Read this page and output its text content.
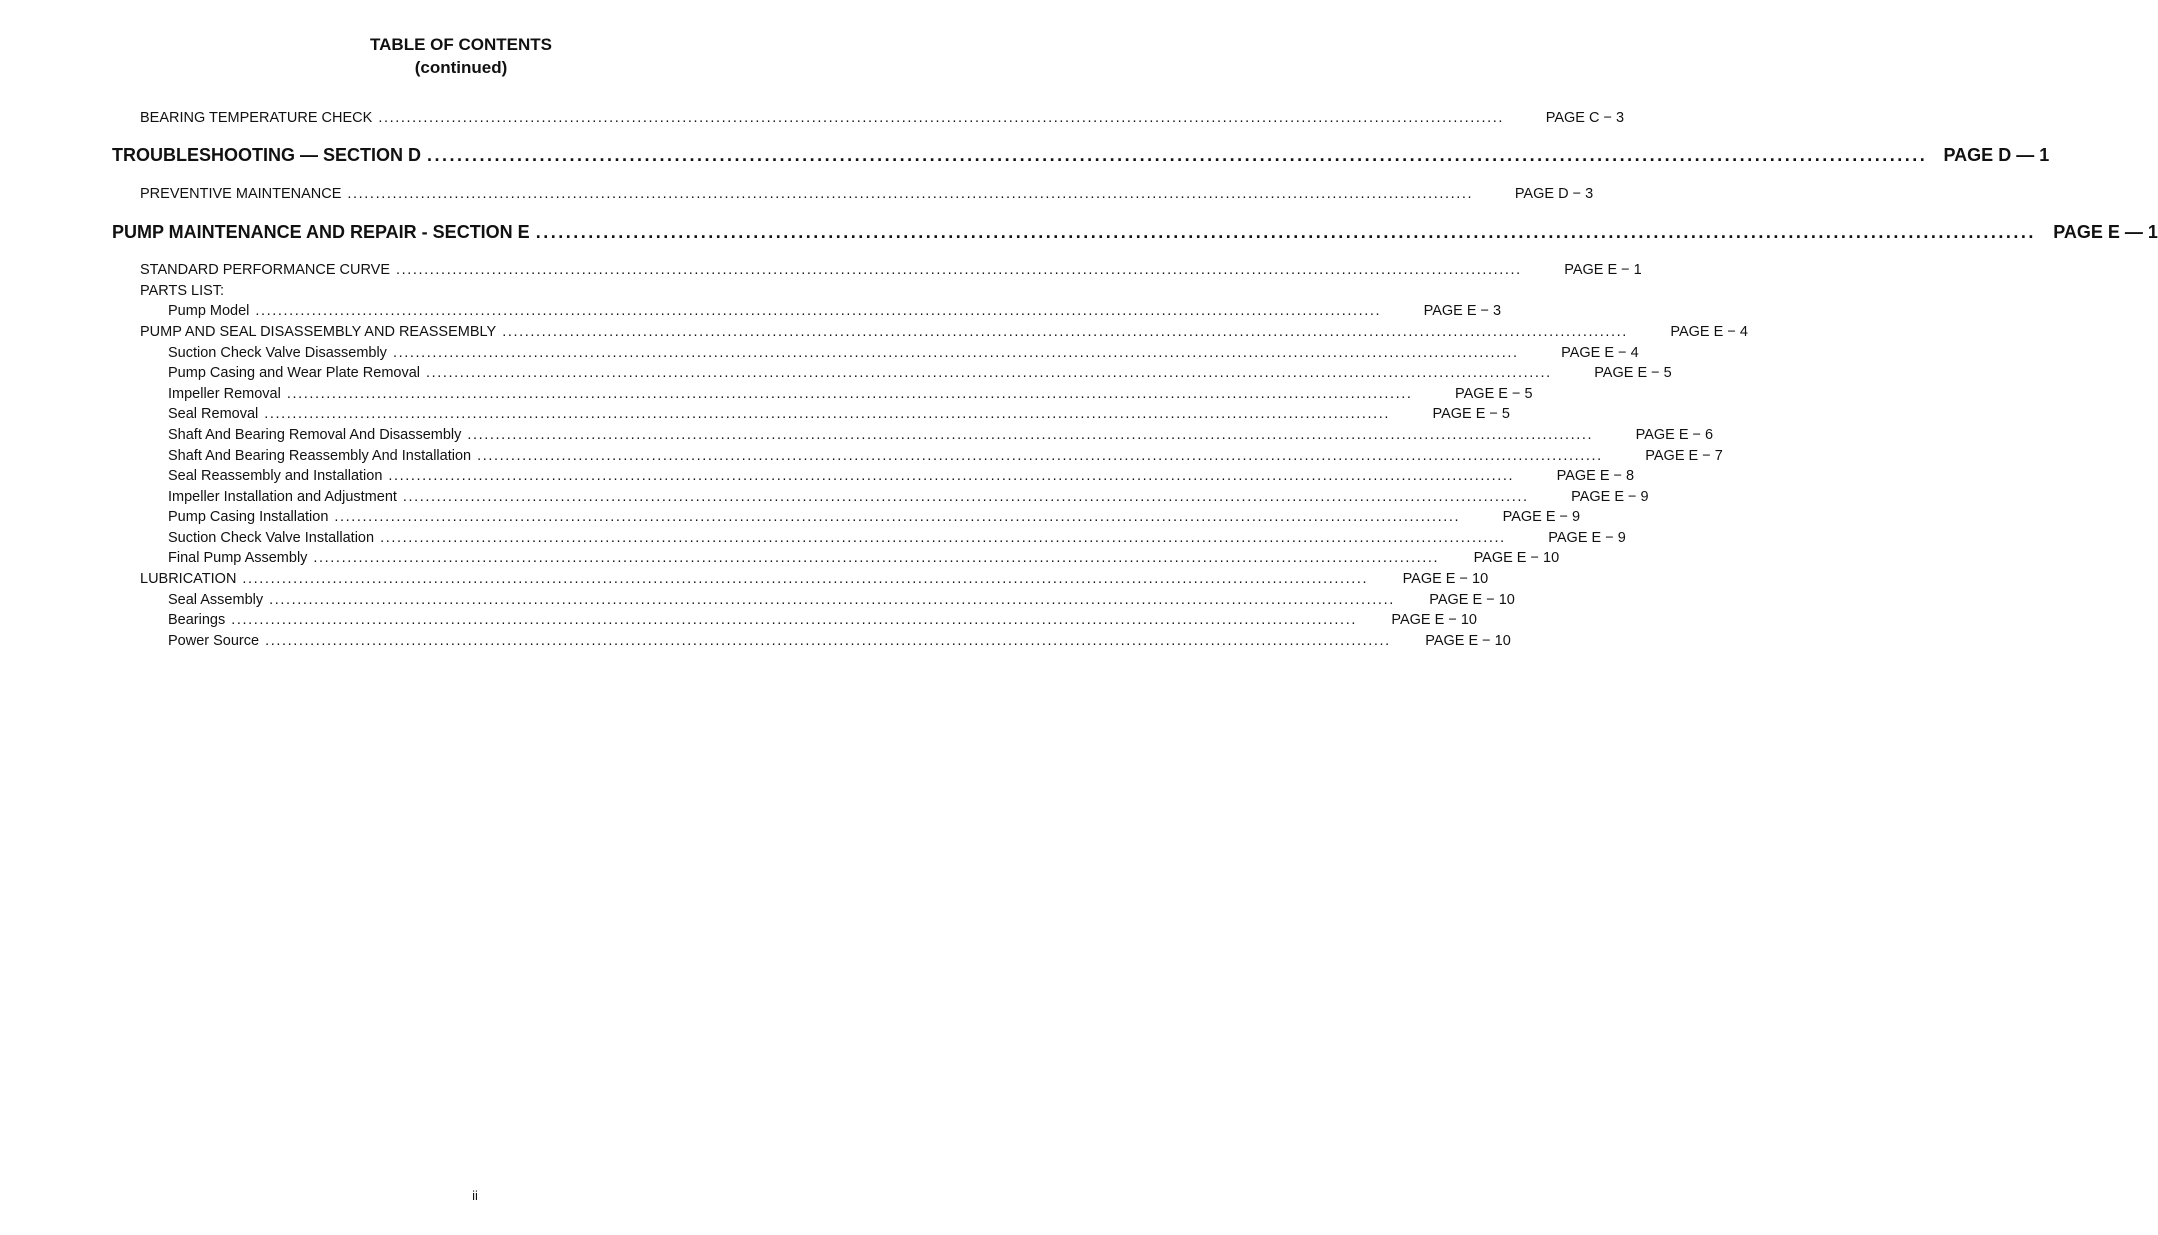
TABLE OF CONTENTS
(continued)
BEARING TEMPERATURE CHECK ........................................................................................................................................................................................................	PAGE C − 3
TROUBLESHOOTING — SECTION D ........................................................................................................................................................................................................ PAGE D — 1
PREVENTIVE MAINTENANCE ........................................................................................................................................................................................................	PAGE D − 3
PUMP MAINTENANCE AND REPAIR - SECTION E ........................................................................................................................................................................................................ PAGE E — 1
STANDARD PERFORMANCE CURVE ........................................................................................................................................................................................................	PAGE E − 1
PARTS LIST:
Pump Model ........................................................................................................................................................................................................	PAGE E − 3
PUMP AND SEAL DISASSEMBLY AND REASSEMBLY ........................................................................................................................................................................................................	PAGE E − 4
Suction Check Valve Disassembly ........................................................................................................................................................................................................	PAGE E − 4
Pump Casing and Wear Plate Removal ........................................................................................................................................................................................................	PAGE E − 5
Impeller Removal ........................................................................................................................................................................................................	PAGE E − 5
Seal Removal ........................................................................................................................................................................................................	PAGE E − 5
Shaft And Bearing Removal And Disassembly ........................................................................................................................................................................................................	PAGE E − 6
Shaft And Bearing Reassembly And Installation ........................................................................................................................................................................................................	PAGE E − 7
Seal Reassembly and Installation ........................................................................................................................................................................................................	PAGE E − 8
Impeller Installation and Adjustment ........................................................................................................................................................................................................	PAGE E − 9
Pump Casing Installation ........................................................................................................................................................................................................	PAGE E − 9
Suction Check Valve Installation ........................................................................................................................................................................................................	PAGE E − 9
Final Pump Assembly ........................................................................................................................................................................................................	PAGE E − 10
LUBRICATION ........................................................................................................................................................................................................	PAGE E − 10
Seal Assembly ........................................................................................................................................................................................................	PAGE E − 10
Bearings ........................................................................................................................................................................................................	PAGE E − 10
Power Source ........................................................................................................................................................................................................	PAGE E − 10
ii
